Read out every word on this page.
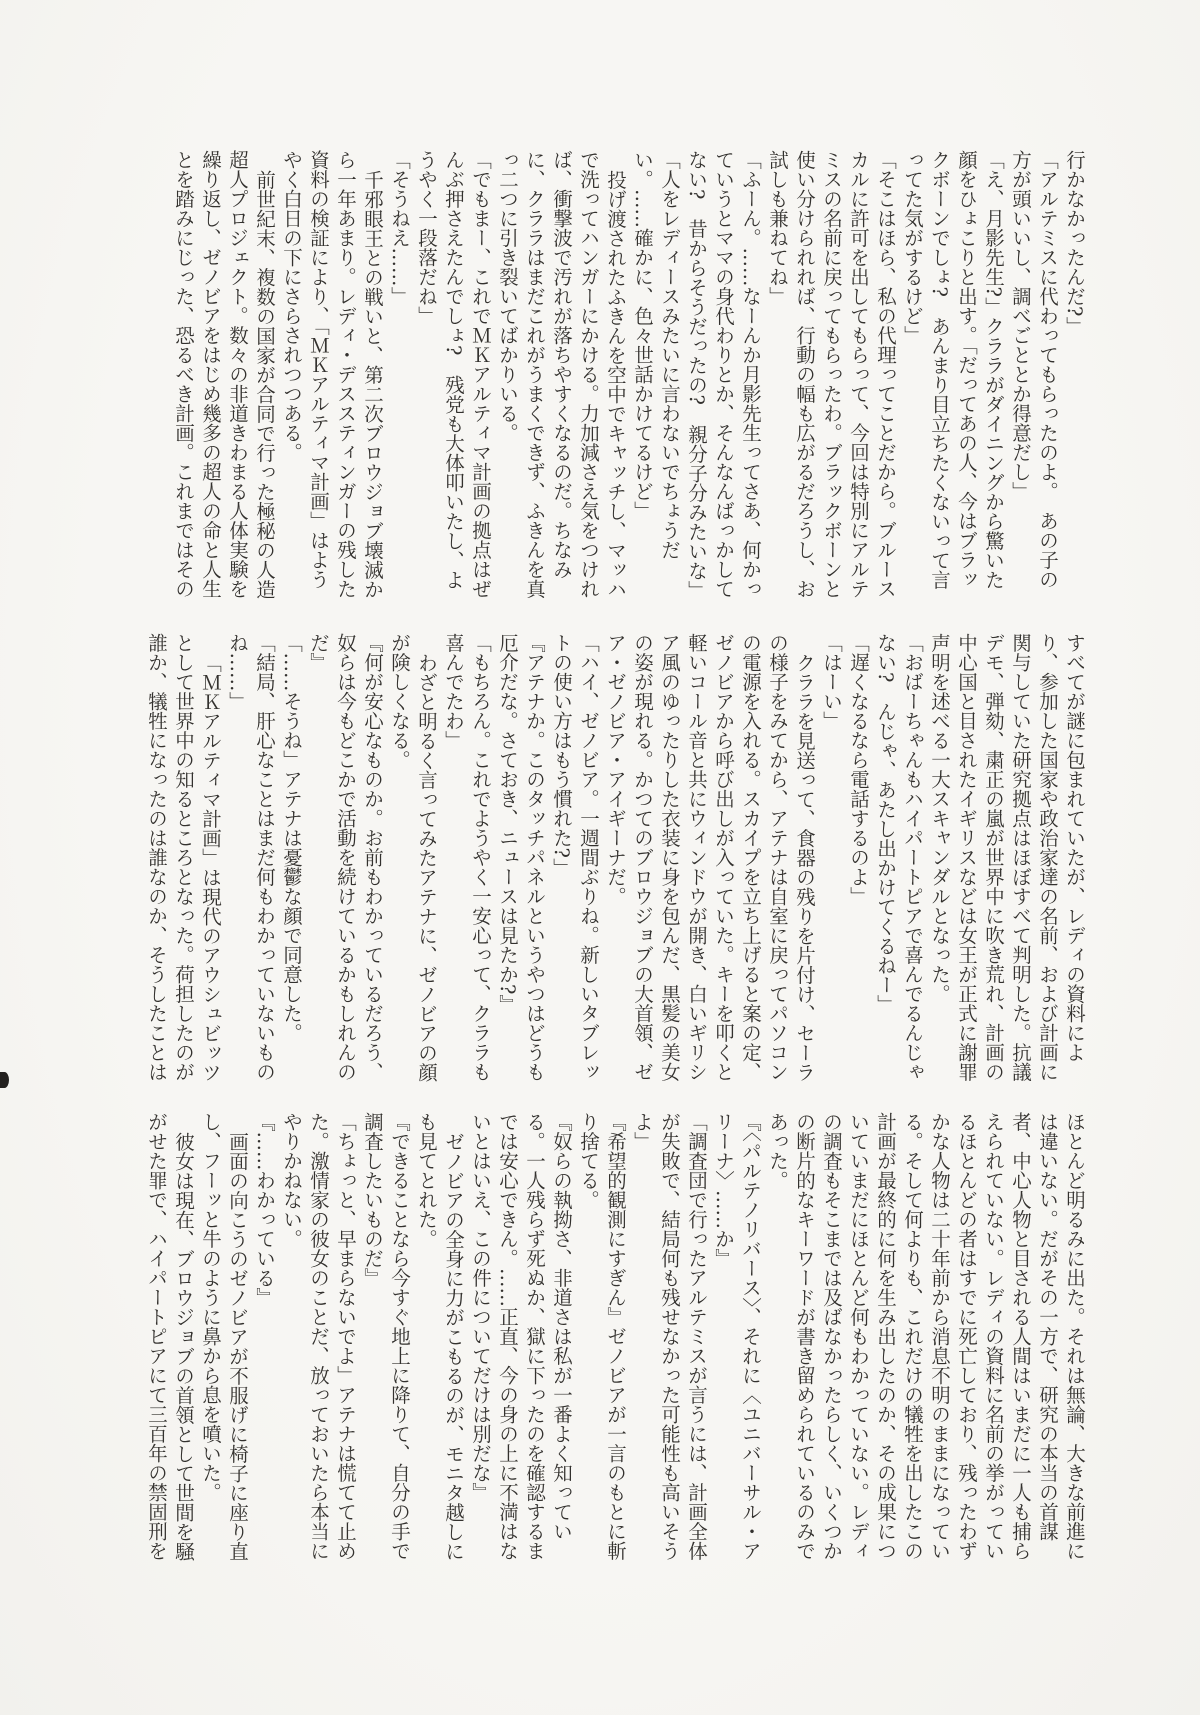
行かなかったんだ?」

「アルテミスに代わってもらったのよ。　あの子の方が頭いいし、調べごととか得意だし」

「え、月影先生?」クララがダイニングから驚いた顔をひょこりと出す。「だってあの人、今はブラックボーンでしょ?　あんまり目立ちたくないって言ってた気がするけど」

「そこはほら、私の代理ってことだから。ブルースカルに許可を出してもらって、今回は特別にアルテミスの名前に戻ってもらったわ。ブラックボーンと使い分けられれば、行動の幅も広がるだろうし、お試しも兼ねてね」

「ふーん。……なーんか月影先生ってさあ、何かっていうとママの身代わりとか、そんなんばっかしてない?　昔からそうだったの?　親分子分みたいな」

「人をレディースみたいに言わないでちょうだい。……確かに、色々世話かけてるけど」

投げ渡されたふきんを空中でキャッチし、マッハで洗ってハンガーにかける。力加減さえ気をつければ、衝撃波で汚れが落ちやすくなるのだ。ちなみに、クララはまだこれがうまくできず、ふきんを真っ二つに引き裂いてばかりいる。

「でもまー、これでＭＫアルティマ計画の拠点はぜんぶ押さえたんでしょ?　残党も大体叩いたし、ようやく一段落だね」

「そうねえ……」

千邪眼王との戦いと、第二次ブロウジョブ壊滅から一年あまり。レディ・デススティンガーの残した資料の検証により、「ＭＫアルティマ計画」はようやく白日の下にさらされつつある。

前世紀末、複数の国家が合同で行った極秘の人造超人プロジェクト。数々の非道きわまる人体実験を繰り返し、ゼノビアをはじめ幾多の超人の命と人生とを踏みにじった、恐るべき計画。これまではその

すべてが謎に包まれていたが、レディの資料により、参加した国家や政治家達の名前、および計画に関与していた研究拠点はほぼすべて判明した。抗議デモ、弾劾、粛正の嵐が世界中に吹き荒れ、計画の中心国と目されたイギリスなどは女王が正式に謝罪声明を述べる一大スキャンダルとなった。

「おばーちゃんもハイパートピアで喜んでるんじゃない?　んじゃ、あたし出かけてくるねー」

「遅くなるなら電話するのよ」

「はーい」

クララを見送って、食器の残りを片付け、セーラの様子をみてから、アテナは自室に戻ってパソコンの電源を入れる。スカイプを立ち上げると案の定、ゼノビアから呼び出しが入っていた。キーを叩くと軽いコール音と共にウィンドウが開き、白いギリシア風のゆったりした衣装に身を包んだ、黒髪の美女の姿が現れる。かつてのブロウジョブの大首領、ゼア・ゼノビア・アイギーナだ。

「ハイ、ゼノビア。一週間ぶりね。新しいタブレットの使い方はもう慣れた?」

『アテナか。このタッチパネルというやつはどうも厄介だな。さておき、ニュースは見たか?』

「もちろん。これでようやく一安心って、クララも喜んでたわ」

わざと明るく言ってみたアテナに、ゼノビアの顔が険しくなる。

『何が安心なものか。お前もわかっているだろう、奴らは今もどこかで活動を続けているかもしれんのだ』

「……そうね」アテナは憂鬱な顔で同意した。

「結局、肝心なことはまだ何もわかっていないものね……」

「ＭＫアルティマ計画」は現代のアウシュビッツとして世界中の知るところとなった。荷担したのが誰か、犠牲になったのは誰なのか、そうしたことは

ほとんど明るみに出た。それは無論、大きな前進には違いない。だがその一方で、研究の本当の首謀者、中心人物と目される人間はいまだに一人も捕らえられていない。レディの資料に名前の挙がっているほとんどの者はすでに死亡しており、残ったわずかな人物は二十年前から消息不明のままになっている。そして何よりも、これだけの犠牲を出したこの計画が最終的に何を生み出したのか、その成果についていまだにほとんど何もわかっていない。レディの調査もそこまでは及ばなかったらしく、いくつかの断片的なキーワードが書き留められているのみであった。

『〈パルテノリバース〉、それに〈ユニバーサル・アリーナ〉……か』

「調査団で行ったアルテミスが言うには、計画全体が失敗で、結局何も残せなかった可能性も高いそうよ」

『希望的観測にすぎん』ゼノビアが一言のもとに斬り捨てる。

『奴らの執拗さ、非道さは私が一番よく知っている。一人残らず死ぬか、獄に下ったのを確認するまでは安心できん。……正直、今の身の上に不満はないとはいえ、この件についてだけは別だな』

ゼノビアの全身に力がこもるのが、モニタ越しにも見てとれた。

『できることなら今すぐ地上に降りて、自分の手で調査したいものだ』

「ちょっと、早まらないでよ」アテナは慌てて止めた。激情家の彼女のことだ、放っておいたら本当にやりかねない。

『……わかっている』

画面の向こうのゼノビアが不服げに椅子に座り直し、フーッと牛のように鼻から息を噴いた。

彼女は現在、ブロウジョブの首領として世間を騒がせた罪で、ハイパートピアにて三百年の禁固刑を
